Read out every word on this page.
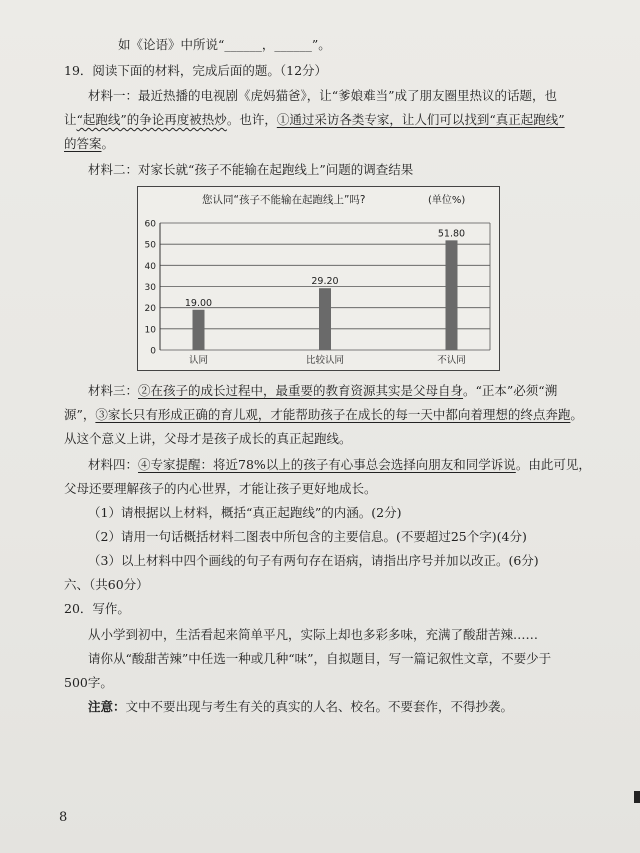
如《论语》中所说“______，______”。
19．阅读下面的材料，完成后面的题。（12分）
材料一：最近热播的电视剧《虎妈猫爸》，让“爹娘难当”成了朋友圈里热议的话题，也
让“起跑线”的争论再度被热炒。也许，①通过采访各类专家，让人们可以找到“真正起跑线”
的答案。
材料二：对家长就“孩子不能输在起跑线上”问题的调查结果
您认同“孩子不能输在起跑线上”吗?	(单位%)
0
10
20
30
40
50
60
19.00
认同
29.20
比较认同
51.80
不认同
材料三：②在孩子的成长过程中，最重要的教育资源其实是父母自身。“正本”必须“溯
源”，③家长只有形成正确的育儿观，才能帮助孩子在成长的每一天中都向着理想的终点奔跑。
从这个意义上讲，父母才是孩子成长的真正起跑线。
材料四：④专家提醒：将近78%以上的孩子有心事总会选择向朋友和同学诉说。由此可见，
父母还要理解孩子的内心世界，才能让孩子更好地成长。
（1）请根据以上材料，概括“真正起跑线”的内涵。(2分)
（2）请用一句话概括材料二图表中所包含的主要信息。(不要超过25个字)(4分)
（3）以上材料中四个画线的句子有两句存在语病，请指出序号并加以改正。(6分)
六、（共60分）
20．写作。
从小学到初中，生活看起来简单平凡，实际上却也多彩多味，充满了酸甜苦辣……
请你从“酸甜苦辣”中任选一种或几种“味”，自拟题目，写一篇记叙性文章，不要少于
500字。
注意：文中不要出现与考生有关的真实的人名、校名。不要套作，不得抄袭。
8
